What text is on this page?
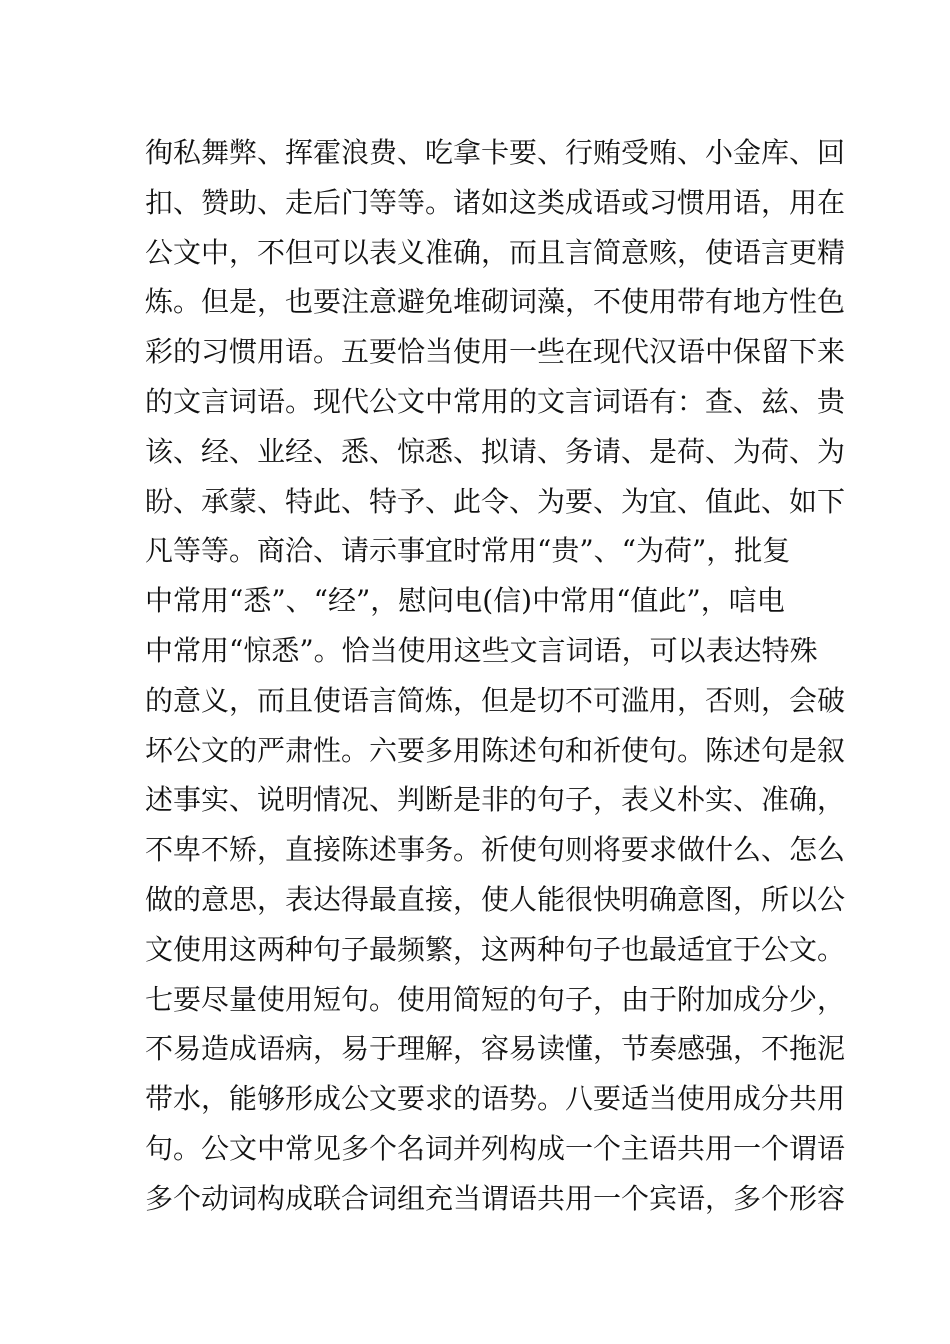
徇私舞弊、挥霍浪费、吃拿卡要、行贿受贿、小金库、回
扣、赞助、走后门等等。诸如这类成语或习惯用语，用在
公文中，不但可以表义准确，而且言简意赅，使语言更精
炼。但是，也要注意避免堆砌词藻，不使用带有地方性色
彩的习惯用语。五要恰当使用一些在现代汉语中保留下来
的文言词语。现代公文中常用的文言词语有：查、兹、贵
该、经、业经、悉、惊悉、拟请、务请、是荷、为荷、为
盼、承蒙、特此、特予、此令、为要、为宜、值此、如下
凡等等。商洽、请示事宜时常用“贵”、“为荷”，批复
中常用“悉”、“经”，慰问电(信)中常用“值此”，唁电
中常用“惊悉”。恰当使用这些文言词语，可以表达特殊
的意义，而且使语言简炼，但是切不可滥用，否则，会破
坏公文的严肃性。六要多用陈述句和祈使句。陈述句是叙
述事实、说明情况、判断是非的句子，表义朴实、准确，
不卑不矫，直接陈述事务。祈使句则将要求做什么、怎么
做的意思，表达得最直接，使人能很快明确意图，所以公
文使用这两种句子最频繁，这两种句子也最适宜于公文。
七要尽量使用短句。使用简短的句子，由于附加成分少，
不易造成语病，易于理解，容易读懂，节奏感强，不拖泥
带水，能够形成公文要求的语势。八要适当使用成分共用
句。公文中常见多个名词并列构成一个主语共用一个谓语
多个动词构成联合词组充当谓语共用一个宾语，多个形容
